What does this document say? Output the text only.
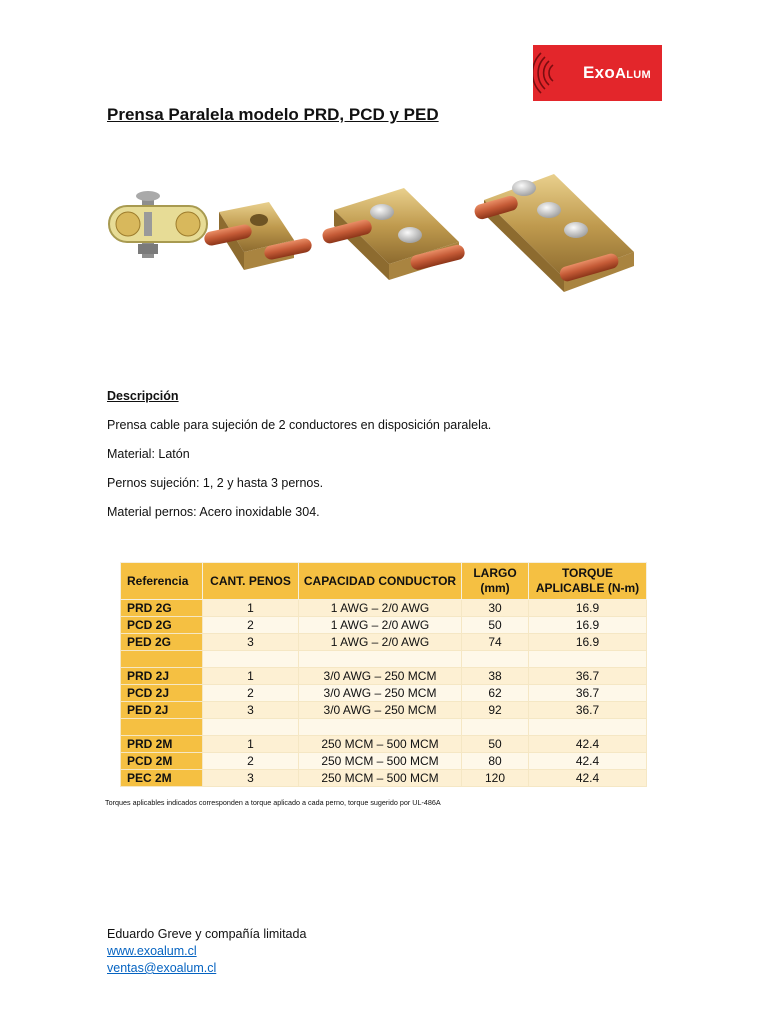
ExoAlum
Prensa Paralela modelo PRD, PCD y PED
Descripción
Prensa cable para sujeción de 2 conductores en disposición paralela.
Material: Latón
Pernos sujeción: 1, 2 y hasta 3 pernos.
Material pernos: Acero inoxidable 304.
Referencia	CANT. PENOS	CAPACIDAD CONDUCTOR	LARGO (mm)	TORQUE APLICABLE (N-m)
PRD 2G	1	1 AWG – 2/0 AWG	30	16.9
PCD 2G	2	1 AWG – 2/0 AWG	50	16.9
PED 2G	3	1 AWG – 2/0 AWG	74	16.9

PRD 2J	1	3/0 AWG – 250 MCM	38	36.7
PCD 2J	2	3/0 AWG – 250 MCM	62	36.7
PED 2J	3	3/0 AWG – 250 MCM	92	36.7

PRD 2M	1	250 MCM – 500 MCM	50	42.4
PCD 2M	2	250 MCM – 500 MCM	80	42.4
PEC 2M	3	250 MCM – 500 MCM	120	42.4
Torques aplicables indicados corresponden a torque aplicado a cada perno, torque sugerido por UL-486A
Eduardo Greve y compañía limitada
www.exoalum.cl
ventas@exoalum.cl
